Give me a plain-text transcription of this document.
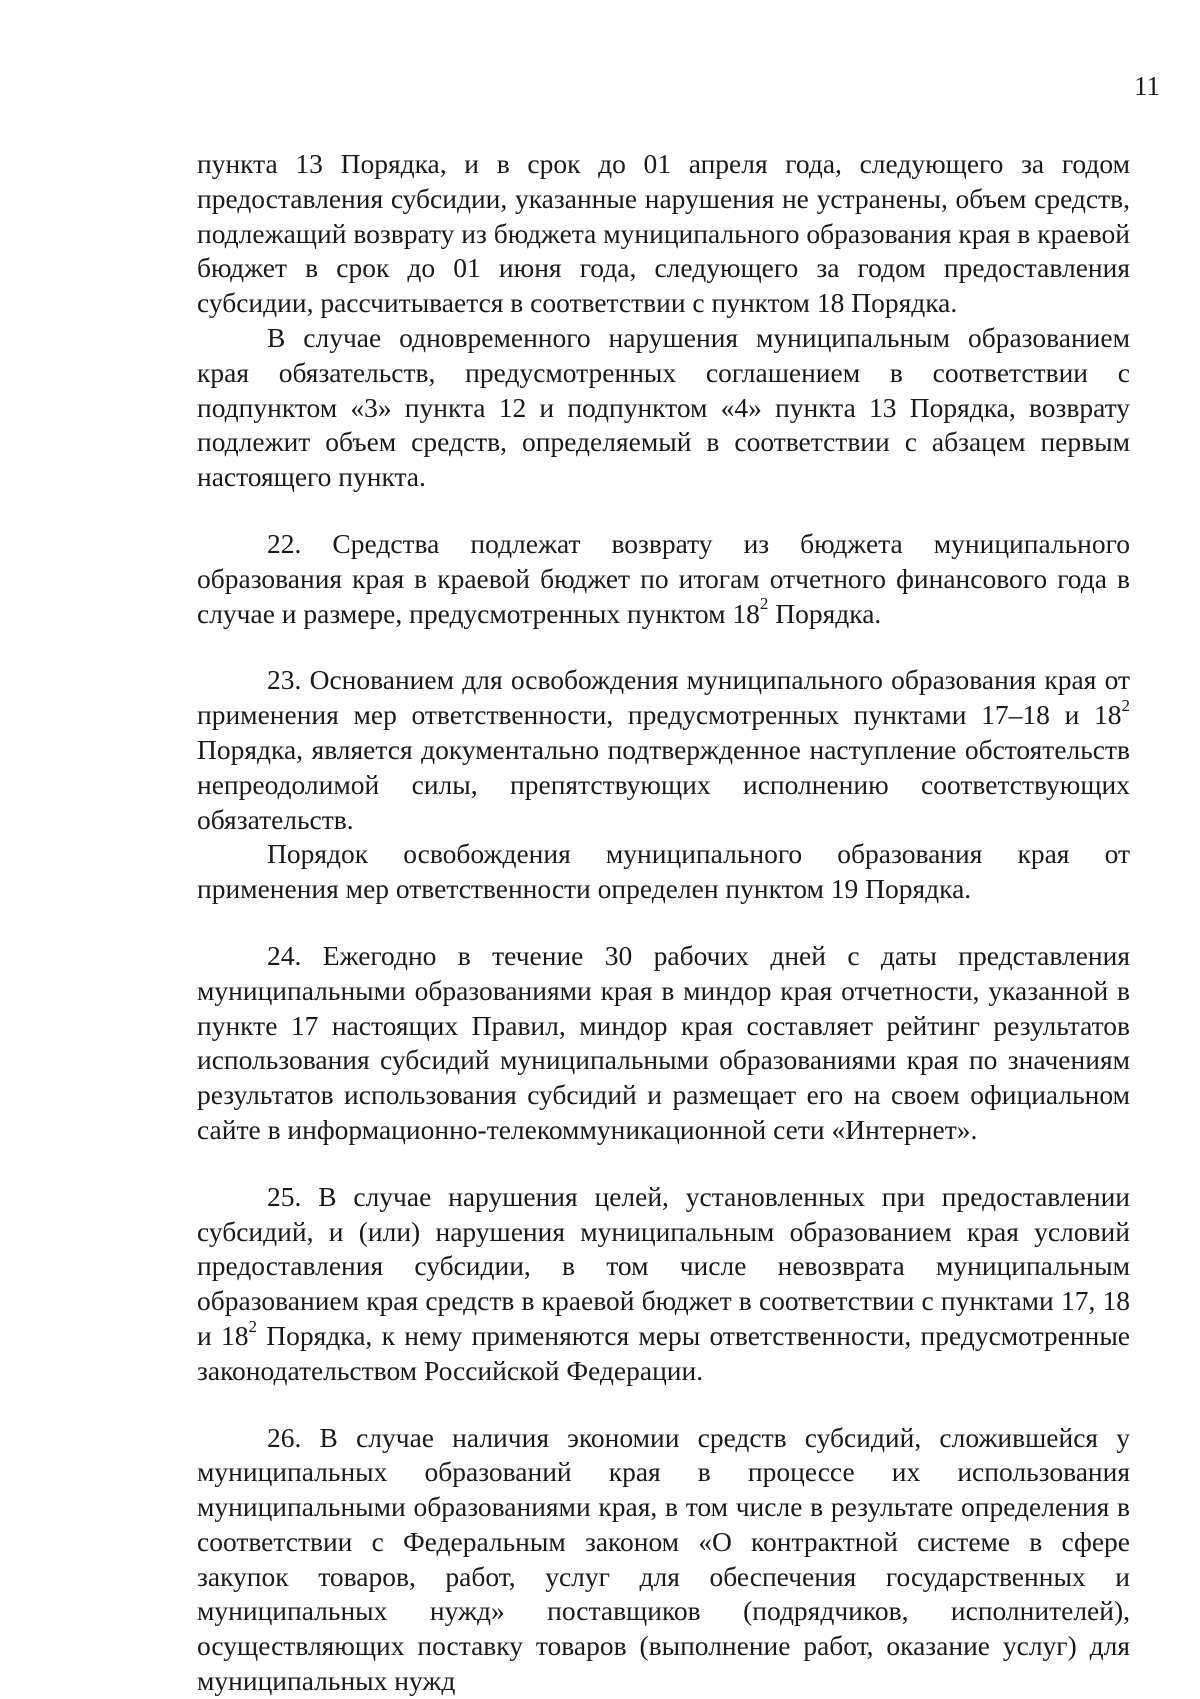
11

пункта 13 Порядка, и в срок до 01 апреля года, следующего за годом предоставления субсидии, указанные нарушения не устранены, объем средств, подлежащий возврату из бюджета муниципального образования края в краевой бюджет в срок до 01 июня года, следующего за годом предоставления субсидии, рассчитывается в соответствии с пунктом 18 Порядка.

В случае одновременного нарушения муниципальным образованием края обязательств, предусмотренных соглашением в соответствии с подпунктом «3» пункта 12 и подпунктом «4» пункта 13 Порядка, возврату подлежит объем средств, определяемый в соответствии с абзацем первым настоящего пункта.

22. Средства подлежат возврату из бюджета муниципального образования края в краевой бюджет по итогам отчетного финансового года в случае и размере, предусмотренных пунктом $18^2$ Порядка.

23. Основанием для освобождения муниципального образования края от применения мер ответственности, предусмотренных пунктами 17–18 и $18^2$ Порядка, является документально подтвержденное наступление обстоятельств непреодолимой силы, препятствующих исполнению соответствующих обязательств.

Порядок освобождения муниципального образования края от применения мер ответственности определен пунктом 19 Порядка.

24. Ежегодно в течение 30 рабочих дней с даты представления муниципальными образованиями края в миндор края отчетности, указанной в пункте 17 настоящих Правил, миндор края составляет рейтинг результатов использования субсидий муниципальными образованиями края по значениям результатов использования субсидий и размещает его на своем официальном сайте в информационно-телекоммуникационной сети «Интернет».

25. В случае нарушения целей, установленных при предоставлении субсидий, и (или) нарушения муниципальным образованием края условий предоставления субсидии, в том числе невозврата муниципальным образованием края средств в краевой бюджет в соответствии с пунктами 17, 18 и $18^2$ Порядка, к нему применяются меры ответственности, предусмотренные законодательством Российской Федерации.

26. В случае наличия экономии средств субсидий, сложившейся у муниципальных образований края в процессе их использования муниципальными образованиями края, в том числе в результате определения в соответствии с Федеральным законом «О контрактной системе в сфере закупок товаров, работ, услуг для обеспечения государственных и муниципальных нужд» поставщиков (подрядчиков, исполнителей), осуществляющих поставку товаров (выполнение работ, оказание услуг) для муниципальных нужд
